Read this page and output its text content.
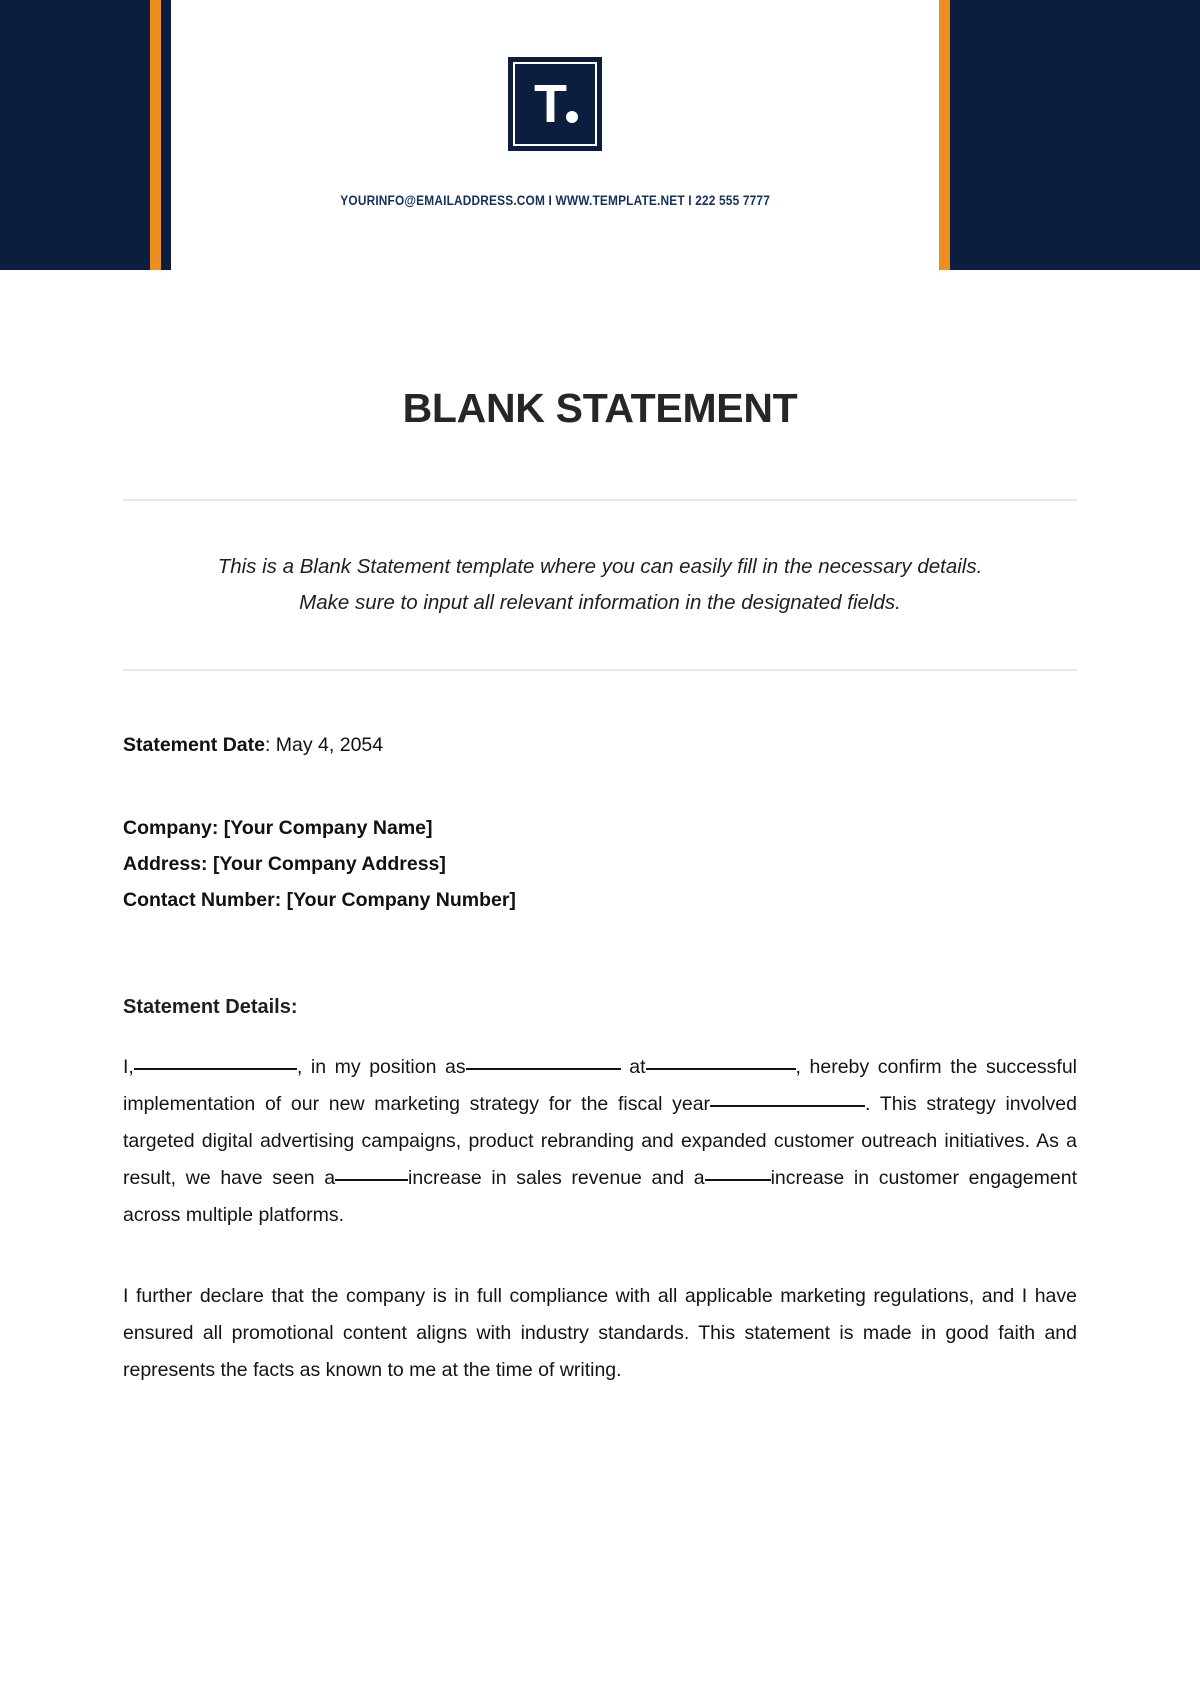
T
YOURINFO@EMAILADDRESS.COM I WWW.TEMPLATE.NET I 222 555 7777
BLANK STATEMENT
This is a Blank Statement template where you can easily fill in the necessary details.
Make sure to input all relevant information in the designated fields.
Statement Date: May 4, 2054
Company: [Your Company Name]
Address: [Your Company Address]
Contact Number: [Your Company Number]
Statement Details:

I,	, in my position as	at	, hereby confirm the successful implementation of our new marketing strategy for the fiscal year	. This strategy involved targeted digital advertising campaigns, product rebranding and expanded customer outreach initiatives. As a result, we have seen a	increase in sales revenue and a	increase in customer engagement across multiple platforms.

I further declare that the company is in full compliance with all applicable marketing regulations, and I have ensured all promotional content aligns with industry standards. This statement is made in good faith and represents the facts as known to me at the time of writing.
